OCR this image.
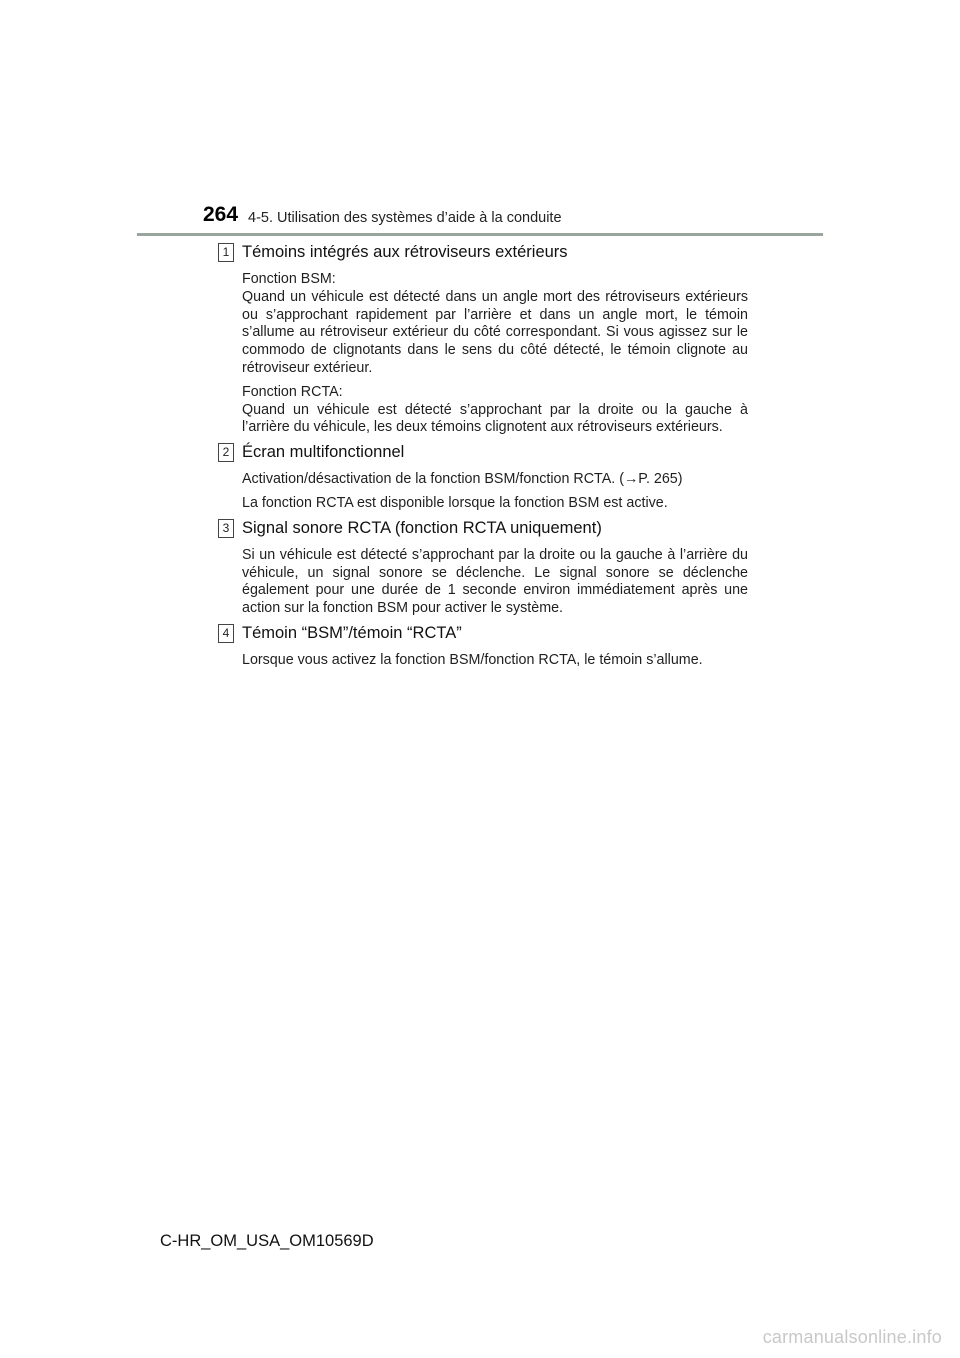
264 4-5. Utilisation des systèmes d’aide à la conduite
1 Témoins intégrés aux rétroviseurs extérieurs
Fonction BSM:
Quand un véhicule est détecté dans un angle mort des rétroviseurs extérieurs ou s’approchant rapidement par l’arrière et dans un angle mort, le témoin s’allume au rétroviseur extérieur du côté correspondant. Si vous agissez sur le commodo de clignotants dans le sens du côté détecté, le témoin clignote au rétroviseur extérieur.
Fonction RCTA:
Quand un véhicule est détecté s’approchant par la droite ou la gauche à l’arrière du véhicule, les deux témoins clignotent aux rétroviseurs extérieurs.
2 Écran multifonctionnel
Activation/désactivation de la fonction BSM/fonction RCTA. (→P. 265)
La fonction RCTA est disponible lorsque la fonction BSM est active.
3 Signal sonore RCTA (fonction RCTA uniquement)
Si un véhicule est détecté s’approchant par la droite ou la gauche à l’arrière du véhicule, un signal sonore se déclenche. Le signal sonore se déclenche également pour une durée de 1 seconde environ immédiatement après une action sur la fonction BSM pour activer le système.
4 Témoin “BSM”/témoin “RCTA”
Lorsque vous activez la fonction BSM/fonction RCTA, le témoin s’allume.
C-HR_OM_USA_OM10569D
carmanualsonline.info
